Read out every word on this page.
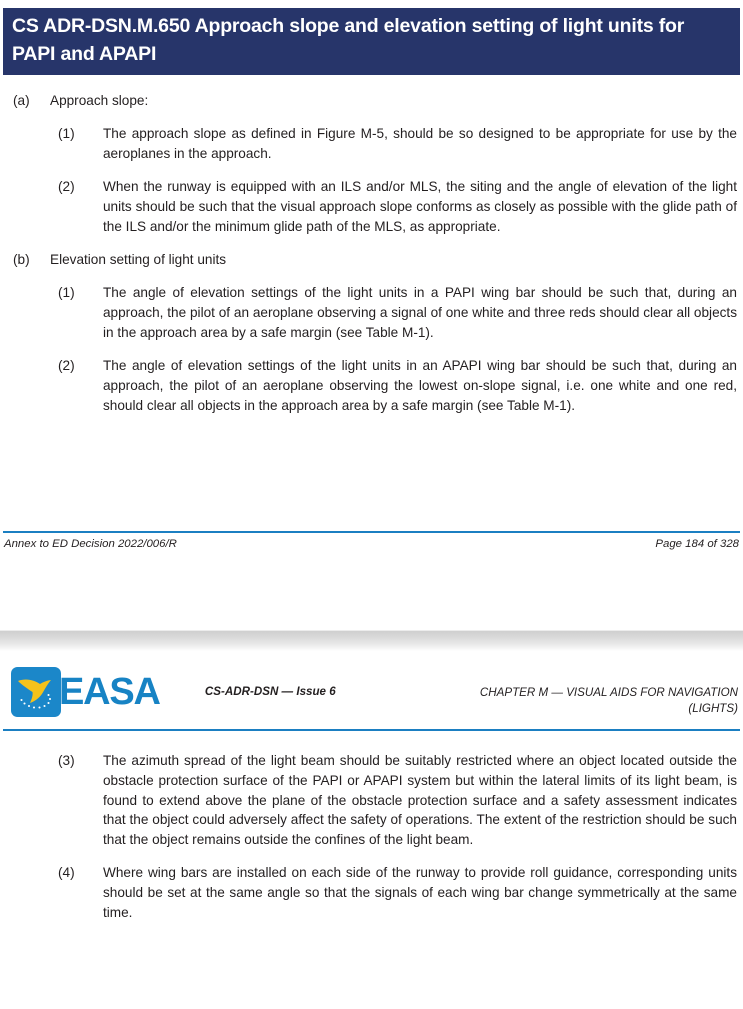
CS ADR-DSN.M.650 Approach slope and elevation setting of light units for PAPI and APAPI
(a)	Approach slope:
(1)	The approach slope as defined in Figure M-5, should be so designed to be appropriate for use by the aeroplanes in the approach.
(2)	When the runway is equipped with an ILS and/or MLS, the siting and the angle of elevation of the light units should be such that the visual approach slope conforms as closely as possible with the glide path of the ILS and/or the minimum glide path of the MLS, as appropriate.
(b)	Elevation setting of light units
(1)	The angle of elevation settings of the light units in a PAPI wing bar should be such that, during an approach, the pilot of an aeroplane observing a signal of one white and three reds should clear all objects in the approach area by a safe margin (see Table M-1).
(2)	The angle of elevation settings of the light units in an APAPI wing bar should be such that, during an approach, the pilot of an aeroplane observing the lowest on-slope signal, i.e. one white and one red, should clear all objects in the approach area by a safe margin (see Table M-1).
Annex to ED Decision 2022/006/R	Page 184 of 328
EASA	CS-ADR-DSN — Issue 6	CHAPTER M — VISUAL AIDS FOR NAVIGATION
(LIGHTS)
(3)	The azimuth spread of the light beam should be suitably restricted where an object located outside the obstacle protection surface of the PAPI or APAPI system but within the lateral limits of its light beam, is found to extend above the plane of the obstacle protection surface and a safety assessment indicates that the object could adversely affect the safety of operations. The extent of the restriction should be such that the object remains outside the confines of the light beam.
(4)	Where wing bars are installed on each side of the runway to provide roll guidance, corresponding units should be set at the same angle so that the signals of each wing bar change symmetrically at the same time.
